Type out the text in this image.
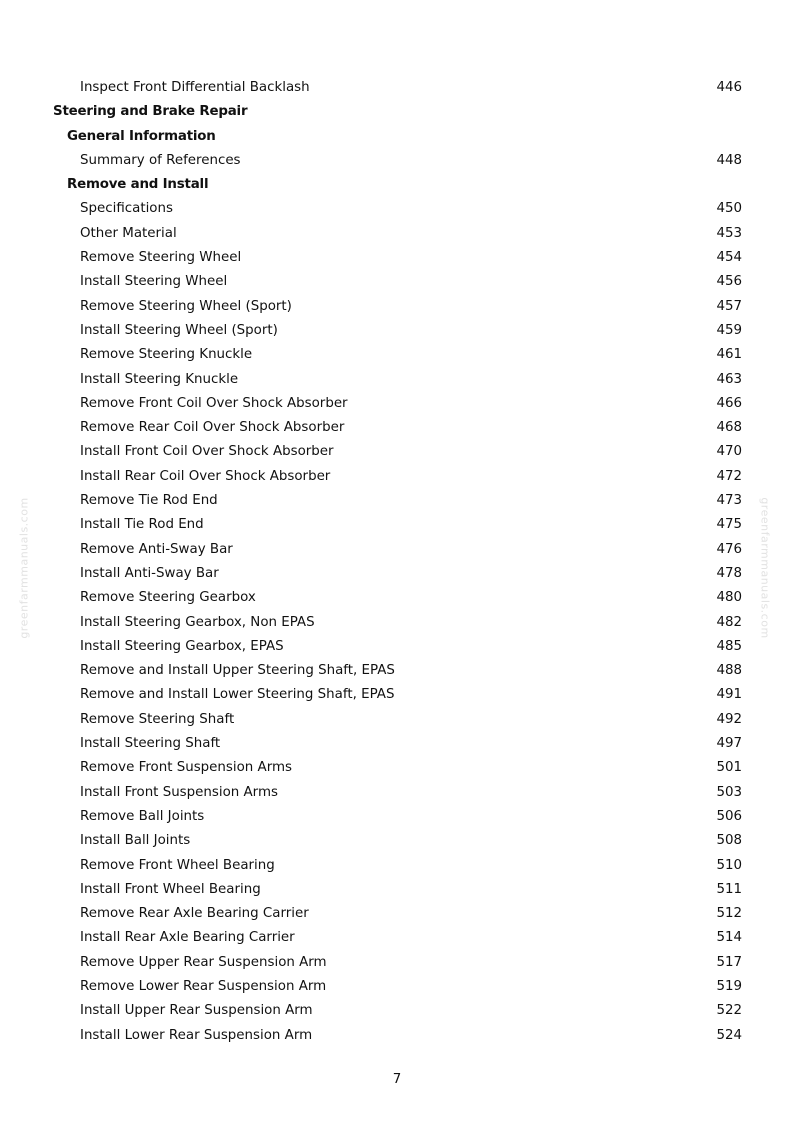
greenfarmmanuals.com	greenfarmmanuals.com
Inspect Front Differential Backlash	446
Steering and Brake Repair
General Information
Summary of References	448
Remove and Install
Specifications	450
Other Material	453
Remove Steering Wheel	454
Install Steering Wheel	456
Remove Steering Wheel (Sport)	457
Install Steering Wheel (Sport)	459
Remove Steering Knuckle	461
Install Steering Knuckle	463
Remove Front Coil Over Shock Absorber	466
Remove Rear Coil Over Shock Absorber	468
Install Front Coil Over Shock Absorber	470
Install Rear Coil Over Shock Absorber	472
Remove Tie Rod End	473
Install Tie Rod End	475
Remove Anti-Sway Bar	476
Install Anti-Sway Bar	478
Remove Steering Gearbox	480
Install Steering Gearbox, Non EPAS	482
Install Steering Gearbox, EPAS	485
Remove and Install Upper Steering Shaft, EPAS	488
Remove and Install Lower Steering Shaft, EPAS	491
Remove Steering Shaft	492
Install Steering Shaft	497
Remove Front Suspension Arms	501
Install Front Suspension Arms	503
Remove Ball Joints	506
Install Ball Joints	508
Remove Front Wheel Bearing	510
Install Front Wheel Bearing	511
Remove Rear Axle Bearing Carrier	512
Install Rear Axle Bearing Carrier	514
Remove Upper Rear Suspension Arm	517
Remove Lower Rear Suspension Arm	519
Install Upper Rear Suspension Arm	522
Install Lower Rear Suspension Arm	524
7
